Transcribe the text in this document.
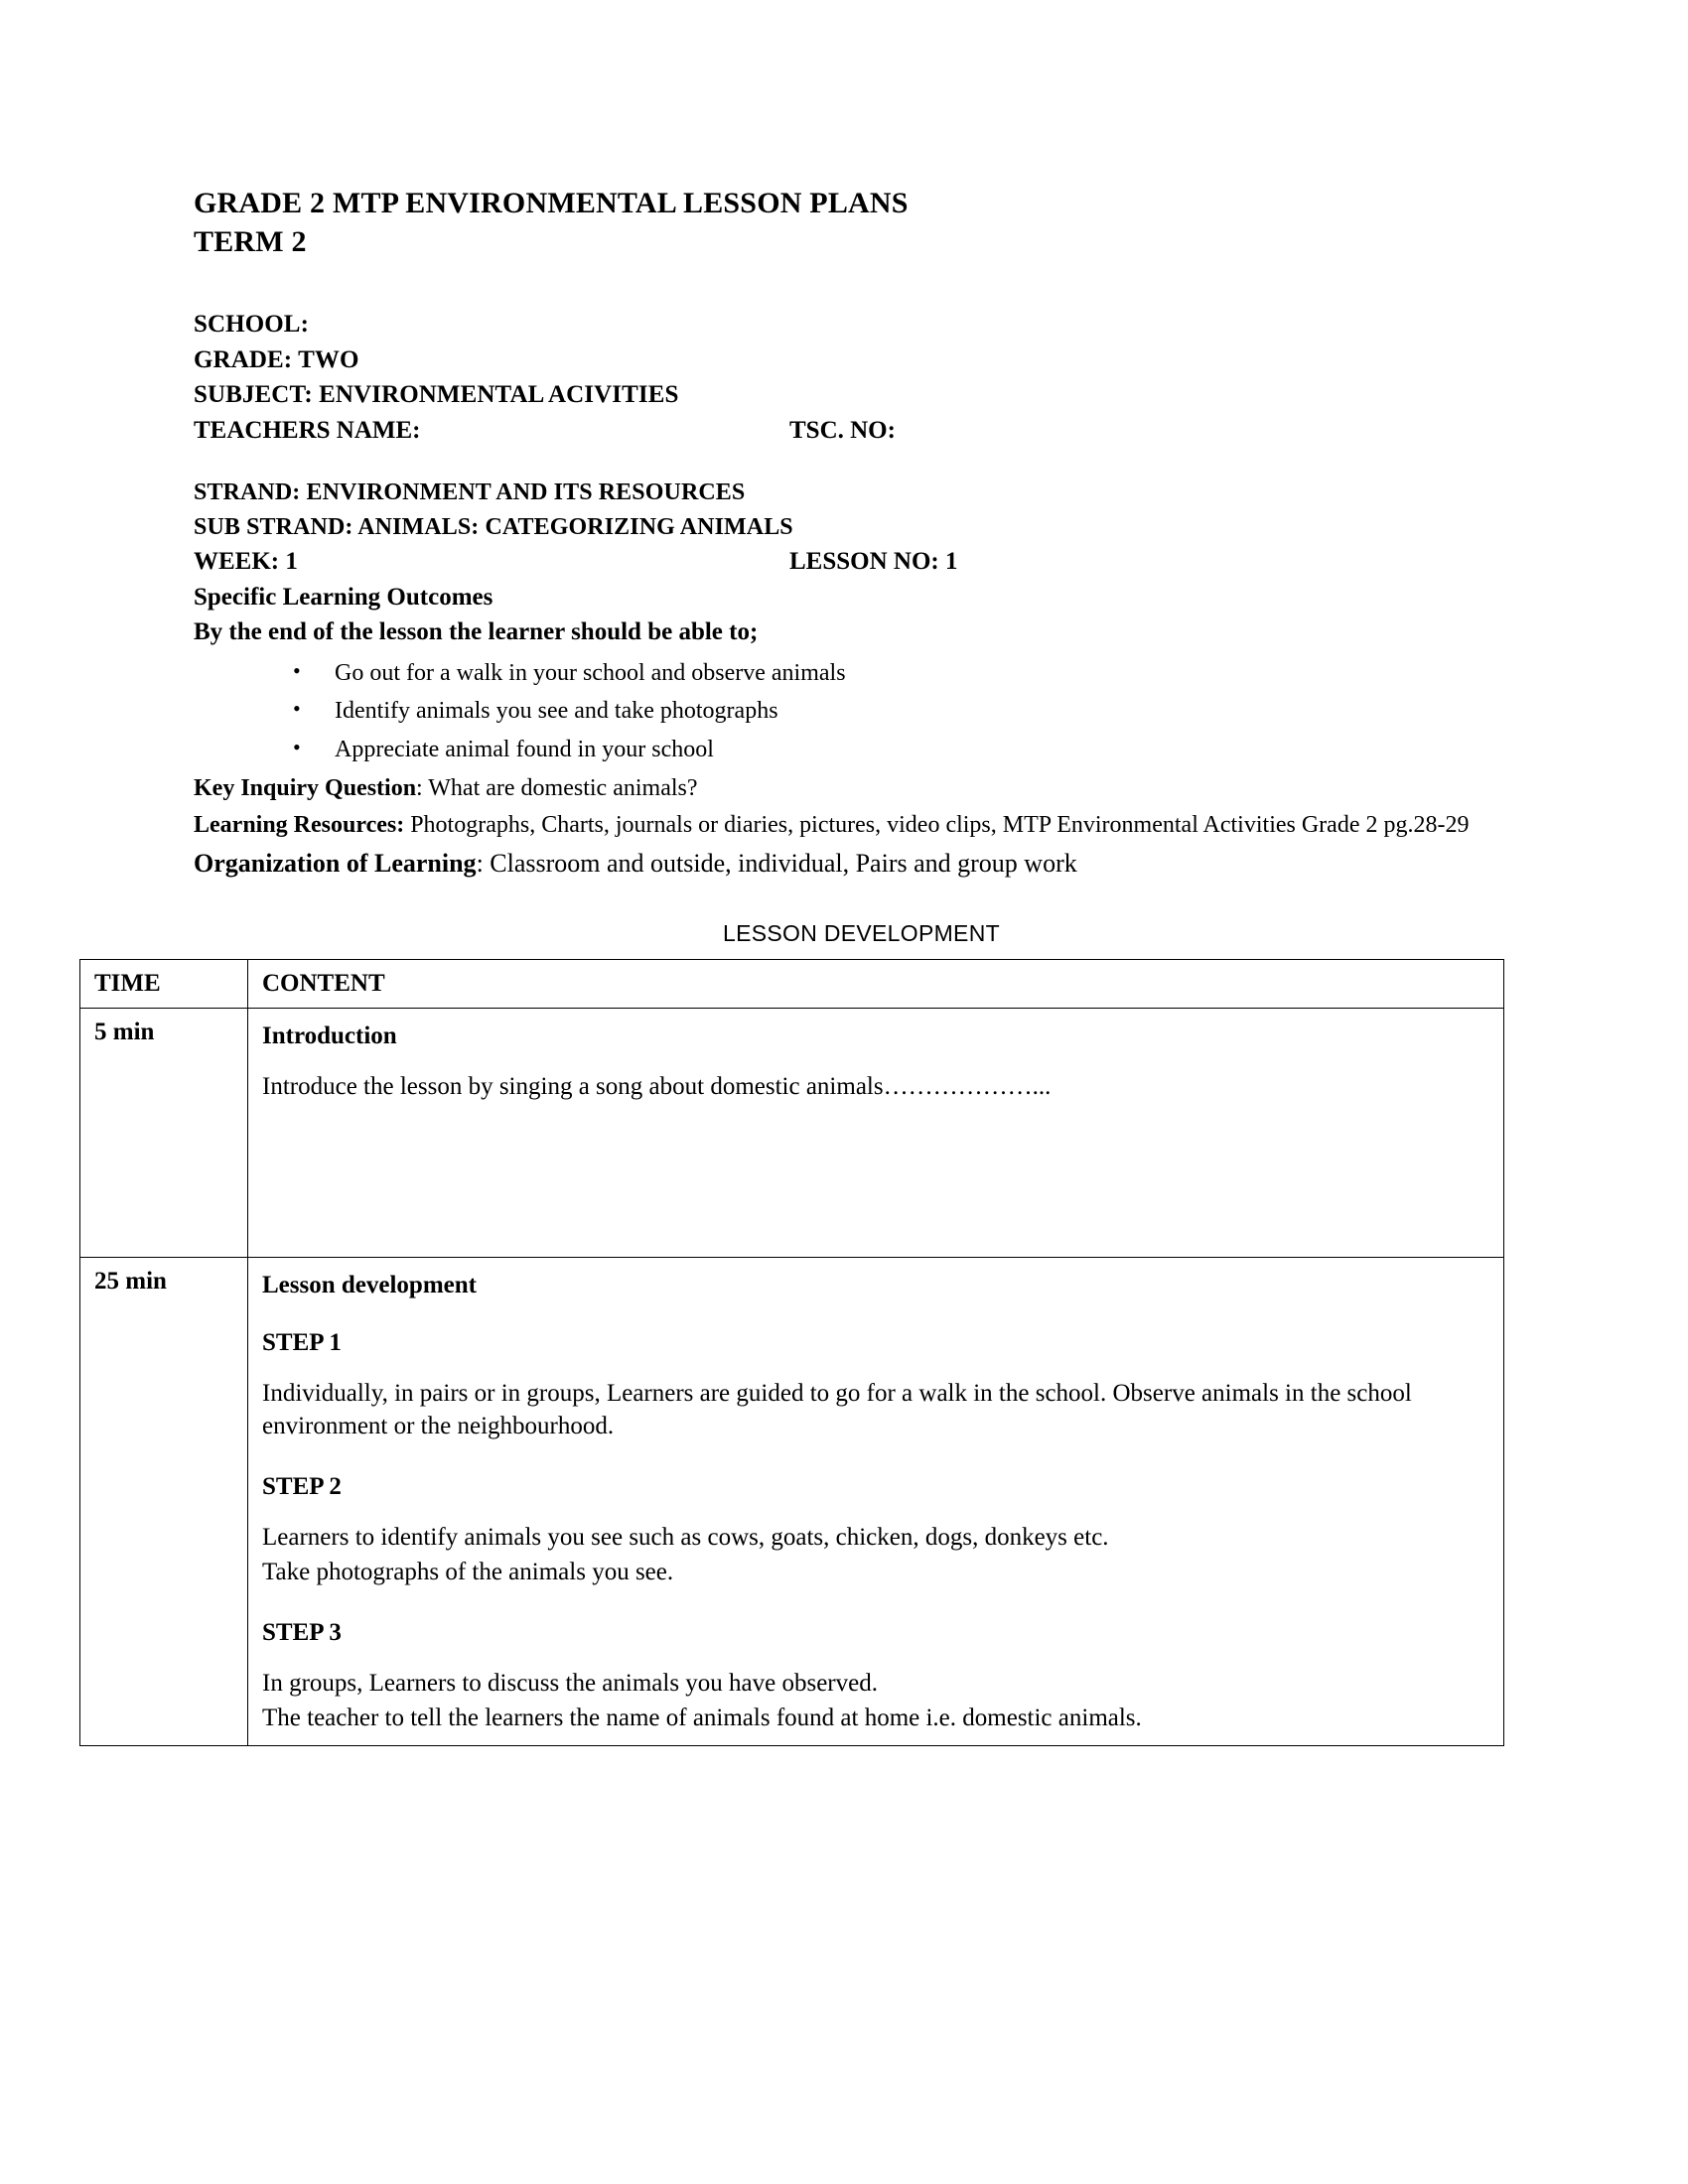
GRADE 2 MTP ENVIRONMENTAL LESSON PLANS
TERM 2
SCHOOL:
GRADE: TWO
SUBJECT: ENVIRONMENTAL ACIVITIES
TEACHERS NAME:	TSC. NO:
STRAND: ENVIRONMENT AND ITS RESOURCES
SUB STRAND: ANIMALS: CATEGORIZING ANIMALS
WEEK: 1	LESSON NO: 1
Specific Learning Outcomes
By the end of the lesson the learner should be able to;
• Go out for a walk in your school and observe animals
• Identify animals you see and take photographs
• Appreciate animal found in your school
Key Inquiry Question: What are domestic animals?
Learning Resources: Photographs, Charts, journals or diaries, pictures, video clips, MTP Environmental Activities Grade 2 pg.28-29
Organization of Learning: Classroom and outside, individual, Pairs and group work
LESSON DEVELOPMENT
TIME	CONTENT
5 min	Introduction
Introduce the lesson by singing a song about domestic animals………………...

25 min	Lesson development
STEP 1
Individually, in pairs or in groups, Learners are guided to go for a walk in the school. Observe animals in the school environment or the neighbourhood.
STEP 2
Learners to identify animals you see such as cows, goats, chicken, dogs, donkeys etc.
Take photographs of the animals you see.
STEP 3
In groups, Learners to discuss the animals you have observed.
The teacher to tell the learners the name of animals found at home i.e. domestic animals.
